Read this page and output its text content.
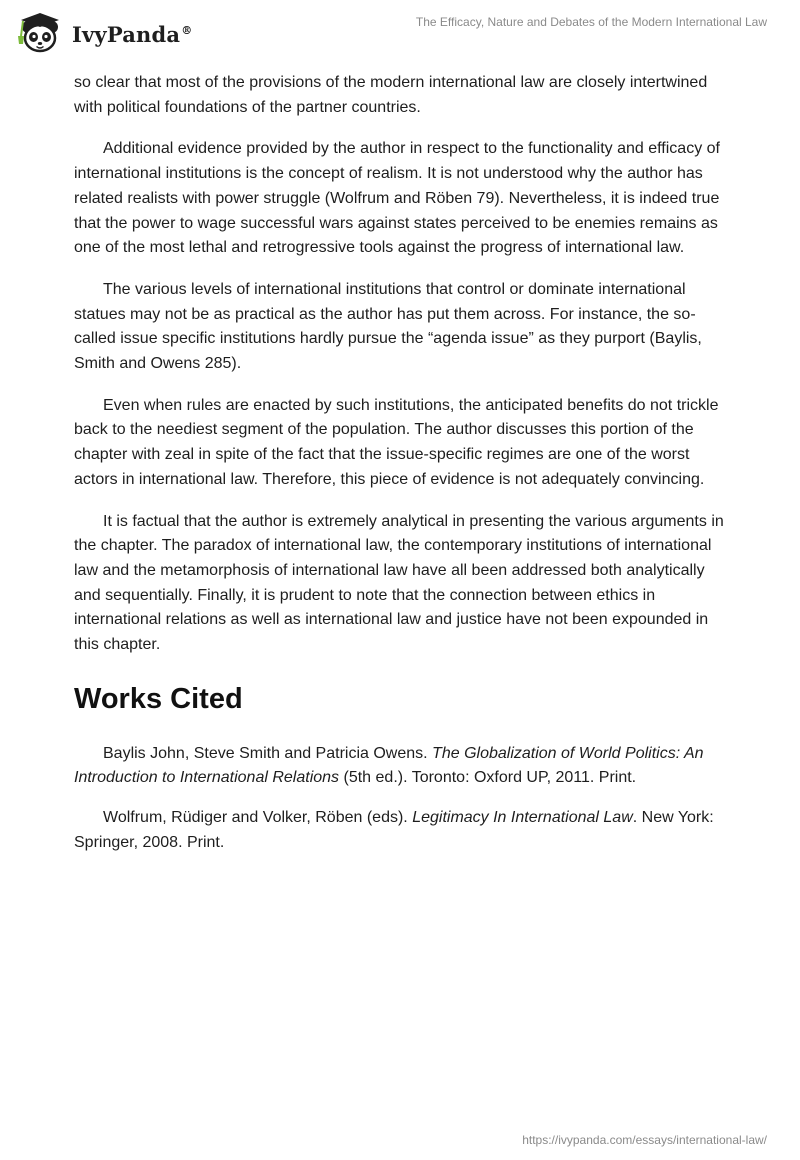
IvyPanda®
The Efficacy, Nature and Debates of the Modern International Law

so clear that most of the provisions of the modern international law are closely intertwined with political foundations of the partner countries.

Additional evidence provided by the author in respect to the functionality and efficacy of international institutions is the concept of realism. It is not understood why the author has related realists with power struggle (Wolfrum and Röben 79). Nevertheless, it is indeed true that the power to wage successful wars against states perceived to be enemies remains as one of the most lethal and retrogressive tools against the progress of international law.

The various levels of international institutions that control or dominate international statues may not be as practical as the author has put them across. For instance, the so-called issue specific institutions hardly pursue the “agenda issue” as they purport (Baylis, Smith and Owens 285).

Even when rules are enacted by such institutions, the anticipated benefits do not trickle back to the neediest segment of the population. The author discusses this portion of the chapter with zeal in spite of the fact that the issue-specific regimes are one of the worst actors in international law. Therefore, this piece of evidence is not adequately convincing.

It is factual that the author is extremely analytical in presenting the various arguments in the chapter. The paradox of international law, the contemporary institutions of international law and the metamorphosis of international law have all been addressed both analytically and sequentially. Finally, it is prudent to note that the connection between ethics in international relations as well as international law and justice have not been expounded in this chapter.

Works Cited

Baylis John, Steve Smith and Patricia Owens. The Globalization of World Politics: An Introduction to International Relations (5th ed.). Toronto: Oxford UP, 2011. Print.

Wolfrum, Rüdiger and Volker, Röben (eds). Legitimacy In International Law. New York: Springer, 2008. Print.

https://ivypanda.com/essays/international-law/
